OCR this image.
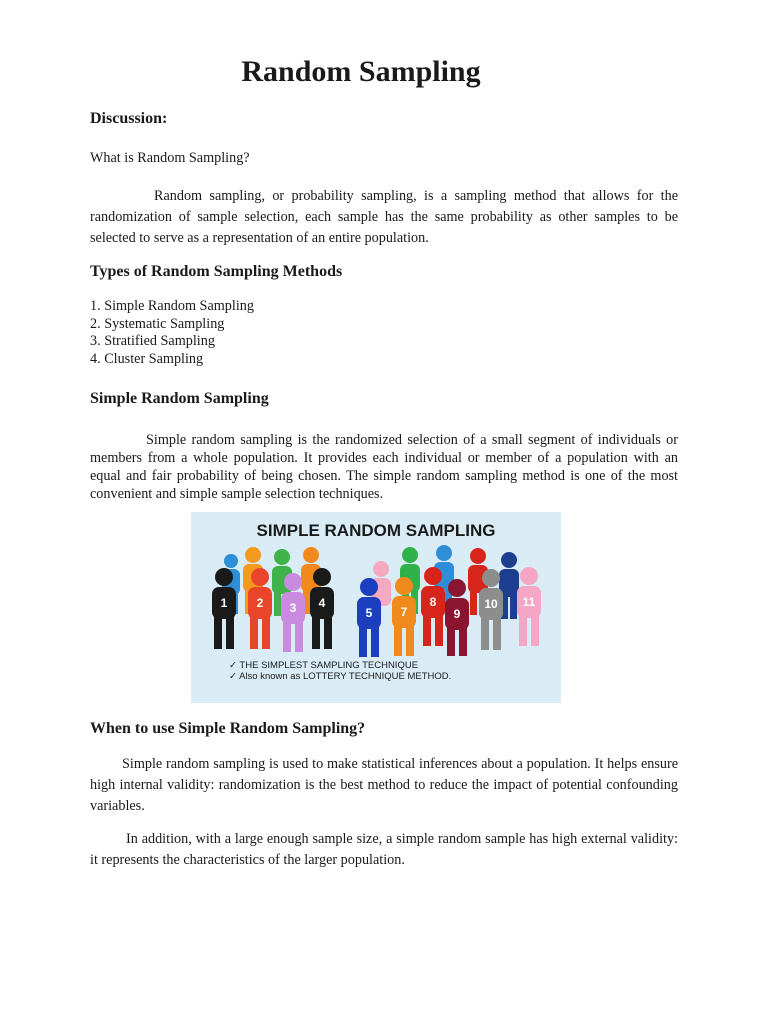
Random Sampling
Discussion:

What is Random Sampling?

Random sampling, or probability sampling, is a sampling method that allows for the randomization of sample selection, each sample has the same probability as other samples to be selected to serve as a representation of an entire population.

Types of Random Sampling Methods
1. Simple Random Sampling
2. Systematic Sampling
3. Stratified Sampling
4. Cluster Sampling
Simple Random Sampling

Simple random sampling is the randomized selection of a small segment of individuals or members from a whole population. It provides each individual or member of a population with an equal and fair probability of being chosen. The simple random sampling method is one of the most convenient and simple sample selection techniques.

SIMPLE RANDOM SAMPLING
1 2 3 4
5 7
8
9
10 11
✓ THE SIMPLEST SAMPLING TECHNIQUE
✓ Also known as LOTTERY TECHNIQUE METHOD.
When to use Simple Random Sampling?

Simple random sampling is used to make statistical inferences about a population. It helps ensure high internal validity: randomization is the best method to reduce the impact of potential confounding variables.

In addition, with a large enough sample size, a simple random sample has high external validity: it represents the characteristics of the larger population.
